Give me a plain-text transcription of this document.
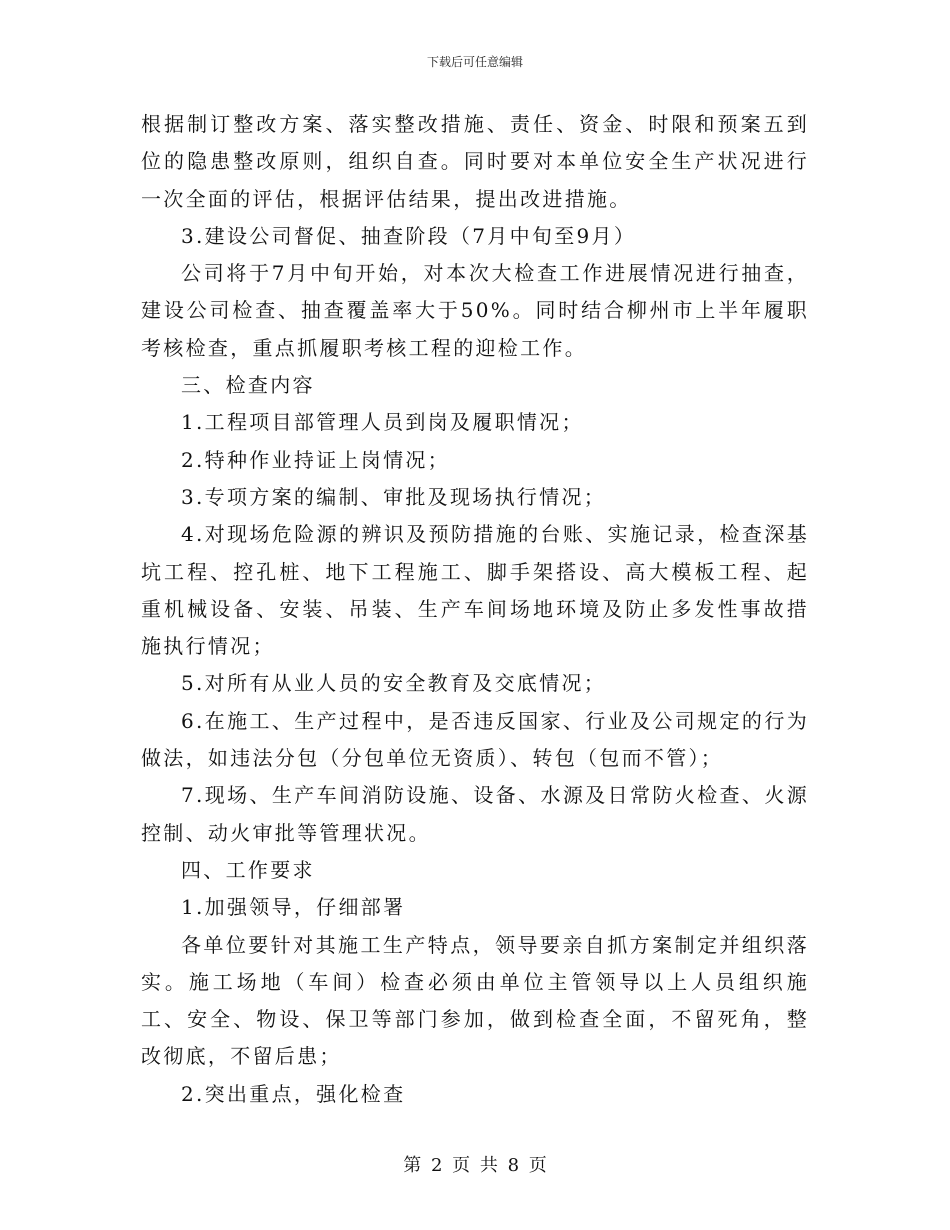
下载后可任意编辑

根据制订整改方案、落实整改措施、责任、资金、时限和预案五到位的隐患整改原则，组织自查。同时要对本单位安全生产状况进行一次全面的评估，根据评估结果，提出改进措施。

3.建设公司督促、抽查阶段（7月中旬至9月）

公司将于7月中旬开始，对本次大检查工作进展情况进行抽查，建设公司检查、抽查覆盖率大于50%。同时结合柳州市上半年履职考核检查，重点抓履职考核工程的迎检工作。

三、检查内容

1.工程项目部管理人员到岗及履职情况；

2.特种作业持证上岗情况；

3.专项方案的编制、审批及现场执行情况；

4.对现场危险源的辨识及预防措施的台账、实施记录，检查深基坑工程、控孔桩、地下工程施工、脚手架搭设、高大模板工程、起重机械设备、安装、吊装、生产车间场地环境及防止多发性事故措施执行情况；

5.对所有从业人员的安全教育及交底情况；

6.在施工、生产过程中，是否违反国家、行业及公司规定的行为做法，如违法分包（分包单位无资质）、转包（包而不管）；

7.现场、生产车间消防设施、设备、水源及日常防火检查、火源控制、动火审批等管理状况。

四、工作要求

1.加强领导，仔细部署

各单位要针对其施工生产特点，领导要亲自抓方案制定并组织落实。施工场地（车间）检查必须由单位主管领导以上人员组织施工、安全、物设、保卫等部门参加，做到检查全面，不留死角，整改彻底，不留后患；

2.突出重点，强化检查

第 2 页 共 8 页
